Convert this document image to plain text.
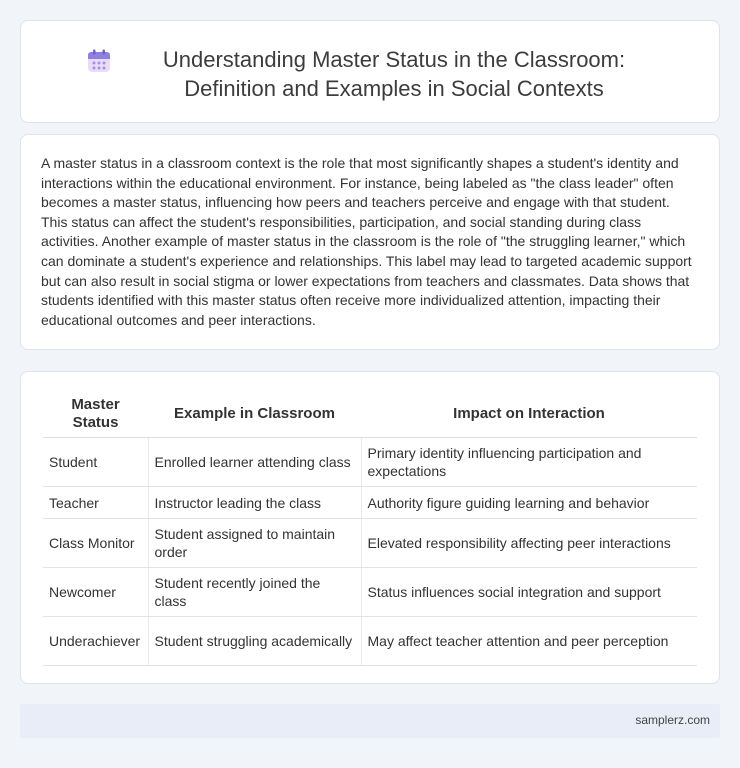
Understanding Master Status in the Classroom: Definition and Examples in Social Contexts

A master status in a classroom context is the role that most significantly shapes a student's identity and interactions within the educational environment. For instance, being labeled as "the class leader" often becomes a master status, influencing how peers and teachers perceive and engage with that student. This status can affect the student's responsibilities, participation, and social standing during class activities. Another example of master status in the classroom is the role of "the struggling learner," which can dominate a student's experience and relationships. This label may lead to targeted academic support but can also result in social stigma or lower expectations from teachers and classmates. Data shows that students identified with this master status often receive more individualized attention, impacting their educational outcomes and peer interactions.

Master Status	Example in Classroom	Impact on Interaction
Student	Enrolled learner attending class	Primary identity influencing participation and expectations
Teacher	Instructor leading the class	Authority figure guiding learning and behavior
Class Monitor	Student assigned to maintain order	Elevated responsibility affecting peer interactions
Newcomer	Student recently joined the class	Status influences social integration and support
Underachiever	Student struggling academically	May affect teacher attention and peer perception
samplerz.com
